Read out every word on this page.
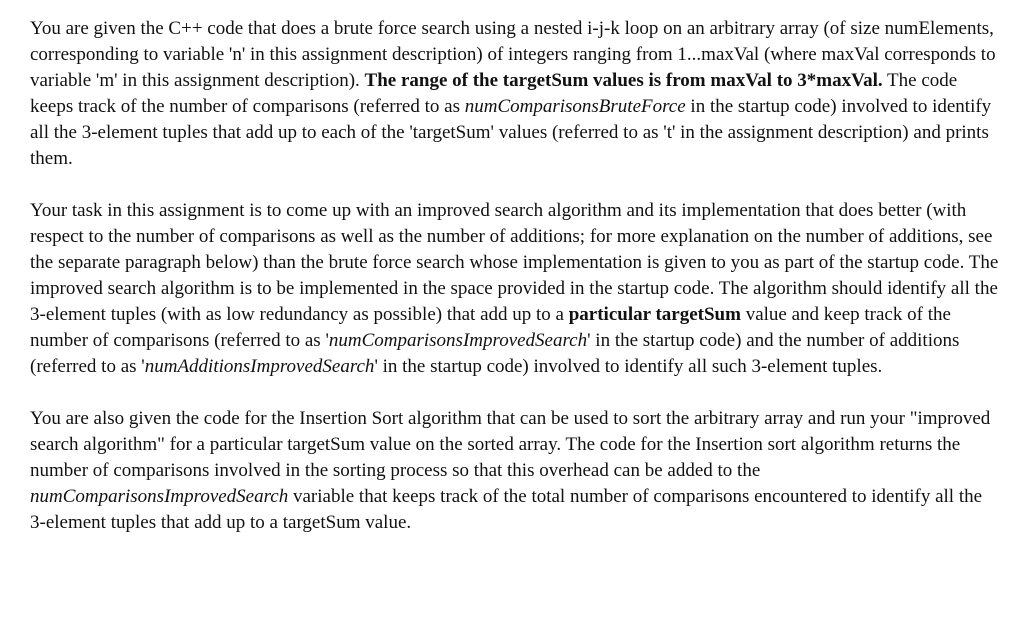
You are given the C++ code that does a brute force search using a nested i-j-k loop on an arbitrary array (of size numElements, corresponding to variable 'n' in this assignment description) of integers ranging from 1...maxVal (where maxVal corresponds to variable 'm' in this assignment description). The range of the targetSum values is from maxVal to 3*maxVal. The code keeps track of the number of comparisons (referred to as numComparisonsBruteForce in the startup code) involved to identify all the 3-element tuples that add up to each of the 'targetSum' values (referred to as 't' in the assignment description) and prints them.

Your task in this assignment is to come up with an improved search algorithm and its implementation that does better (with respect to the number of comparisons as well as the number of additions; for more explanation on the number of additions, see the separate paragraph below) than the brute force search whose implementation is given to you as part of the startup code. The improved search algorithm is to be implemented in the space provided in the startup code. The algorithm should identify all the 3-element tuples (with as low redundancy as possible) that add up to a particular targetSum value and keep track of the number of comparisons (referred to as 'numComparisonsImprovedSearch' in the startup code) and the number of additions (referred to as 'numAdditionsImprovedSearch' in the startup code) involved to identify all such 3-element tuples.

You are also given the code for the Insertion Sort algorithm that can be used to sort the arbitrary array and run your "improved search algorithm" for a particular targetSum value on the sorted array. The code for the Insertion sort algorithm returns the number of comparisons involved in the sorting process so that this overhead can be added to the numComparisonsImprovedSearch variable that keeps track of the total number of comparisons encountered to identify all the 3-element tuples that add up to a targetSum value.
